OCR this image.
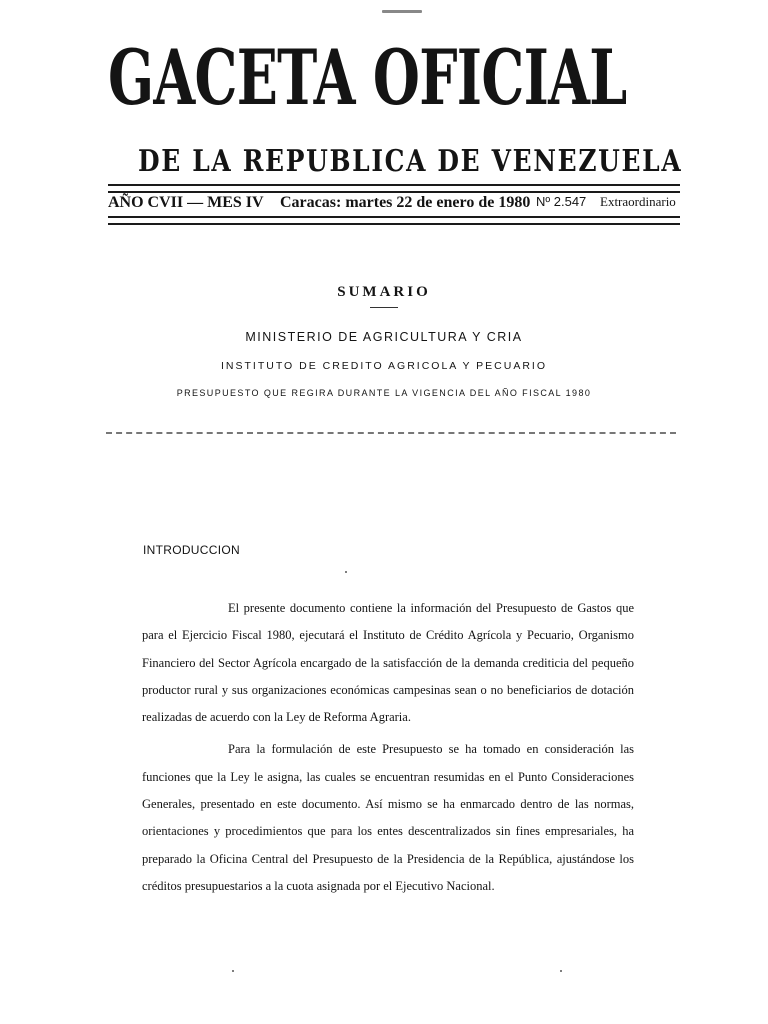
GACETA OFICIAL
DE LA REPUBLICA DE VENEZUELA
AÑO CVII — MES IV Caracas: martes 22 de enero de 1980 Nº 2.547 Extraordinario
SUMARIO
MINISTERIO DE AGRICULTURA Y CRIA
INSTITUTO DE CREDITO AGRICOLA Y PECUARIO
PRESUPUESTO QUE REGIRA DURANTE LA VIGENCIA DEL AÑO FISCAL 1980
INTRODUCCION

El presente documento contiene la información del Presupuesto de Gastos que para el Ejercicio Fiscal 1980, ejecutará el Instituto de Crédito Agrícola y Pecuario, Organismo Financiero del Sector Agrícola encargado de la satisfacción de la demanda crediticia del pequeño productor rural y sus organizaciones económicas campesinas sean o no beneficiarios de dotación realizadas de acuerdo con la Ley de Reforma Agraria.

Para la formulación de este Presupuesto se ha tomado en consideración las funciones que la Ley le asigna, las cuales se encuentran resumidas en el Punto Consideraciones Generales, presentado en este documento. Así mismo se ha enmarcado dentro de las normas, orientaciones y procedimientos que para los entes descentralizados sin fines empresariales, ha preparado la Oficina Central del Presupuesto de la Presidencia de la República, ajustándose los créditos presupuestarios a la cuota asignada por el Ejecutivo Nacional.
